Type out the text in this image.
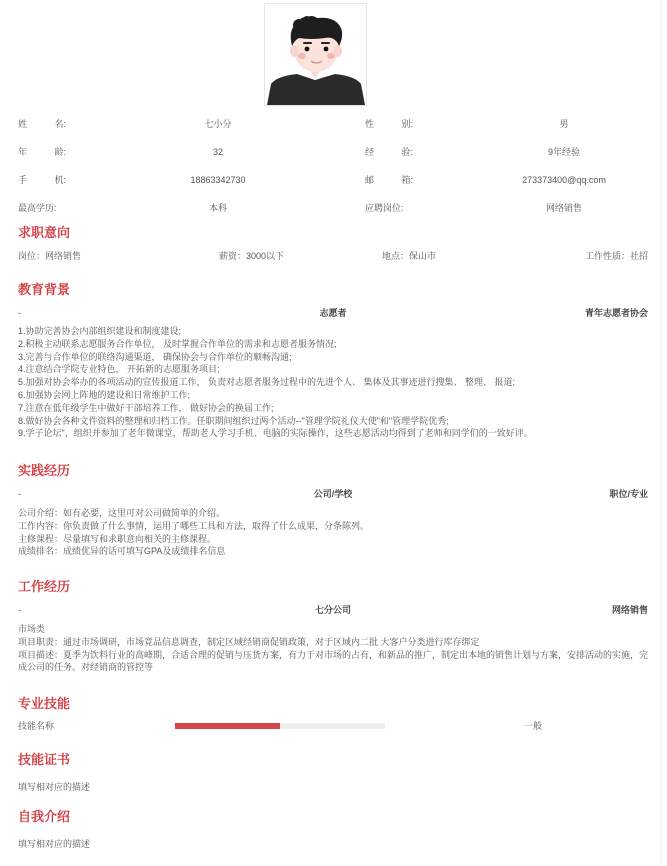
姓	名:	七小分	性	别:	男
年	龄:	32	经	验:	9年经验
手	机:	18863342730	邮	箱:	273373400@qq.com
最高学历:	本科	应聘岗位:	网络销售
求职意向
岗位：网络销售	薪资：3000以下	地点：保山市	工作性质：社招
教育背景
-	志愿者	青年志愿者协会
1.协助完善协会内部组织建设和制度建设;
2.积极主动联系志愿服务合作单位， 及时掌握合作单位的需求和志愿者服务情况;
3.完善与合作单位的联络沟通渠道， 确保协会与合作单位的顺畅沟通;
4.注意结合学院专业特色， 开拓新的志愿服务项目;
5.加强对协会举办的各项活动的宣传报道工作， 负责对志愿者服务过程中的先进个人、 集体及其事迹进行搜集、 整理、 报道;
6.加强协会网上阵地的建设和日常维护工作;
7.注意在低年级学生中做好干部培养工作， 做好协会的换届工作;
8.做好协会各种文件资料的整理和归档工作。任职期间组织过两个活动--"管理学院礼仪大使"和"管理学院优秀;
9.学子论坛"，组织并参加了老年微课堂，帮助老人学习手机、电脑的实际操作，这些志愿活动均得到了老师和同学们的一致好评。
实践经历
-	公司/学校	职位/专业
公司介绍：如有必要，这里可对公司做简单的介绍。
工作内容：你负责做了什么事情，运用了哪些工具和方法，取得了什么成果，分条陈列。
主修课程：尽量填写和求职意向相关的主修课程。
成绩排名：成绩优异的话可填写GPA及成绩排名信息
工作经历
-	七分公司	网络销售
市场类
项目职责：通过市场调研，市场竟品信息调查，制定区域经销商促销政策，对于区域内二批 大客户分类进行库存绑定
项目描述：夏季为饮料行业的高峰期，合适合理的促销与压货方案，有力于对市场的占有，和新品的推广，制定出本地的销售计划与方案，安排活动的实施，完成公司的任务。对经销商的管控等
专业技能
技能名称	一般
技能证书
填写相对应的描述
自我介绍
填写相对应的描述
